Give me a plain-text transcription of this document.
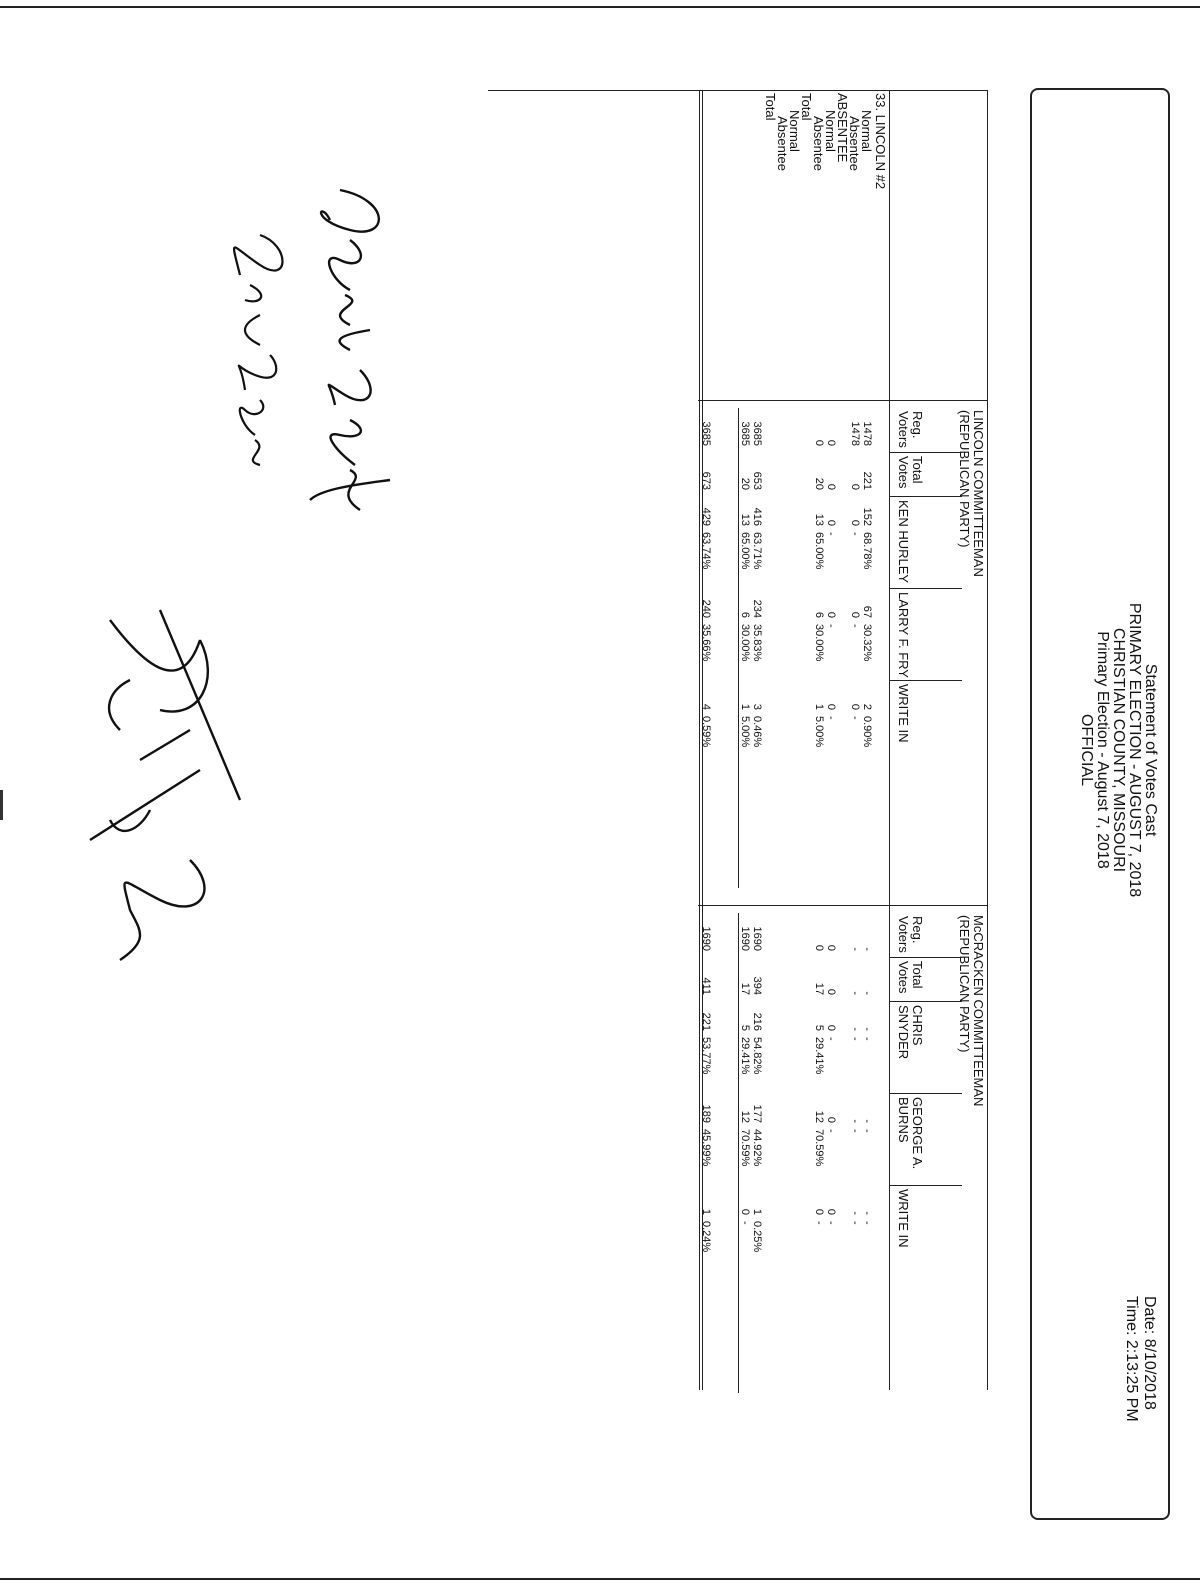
Statement of Votes Cast
PRIMARY ELECTION - AUGUST 7, 2018
CHRISTIAN COUNTY, MISSOURI
Primary Election - August 7, 2018
OFFICIAL
Date: 8/10/2018
Time: 2:13:25 PM
33. LINCOLN #2
Normal
Absentee
ABSENTEE
Normal
Absentee
Total
Normal
Absentee
Total
LINCOLN COMMITTEEMAN
(REPUBLICAN PARTY)
Reg.
Voters
Total
Votes
KEN HURLEY
LARRY F. FRY
WRITE IN
1478
221
152
68.78%
67
30.32%
2
0.90%
1478
0
0
-
0
-
0
-
0
0
0
-
0
-
0
-
0
20
13
65.00%
6
30.00%
1
5.00%
3685
653
416
63.71%
234
35.83%
3
0.46%
3685
20
13
65.00%
6
30.00%
1
5.00%
3685
673
429
63.74%
240
35.66%
4
0.59%
McCRACKEN COMMITTEEMAN
(REPUBLICAN PARTY)
Reg.
Voters
Total
Votes
CHRIS
SNYDER
GEORGE A.
BURNS
WRITE IN
-
-
-
-
-
-
-
-
-
-
-
-
-
-
-
-
0
0
0
-
0
-
0
-
0
17
5
29.41%
12
70.59%
0
-
1690
394
216
54.82%
177
44.92%
1
0.25%
1690
17
5
29.41%
12
70.59%
0
-
1690
411
221
53.77%
189
45.99%
1
0.24%
